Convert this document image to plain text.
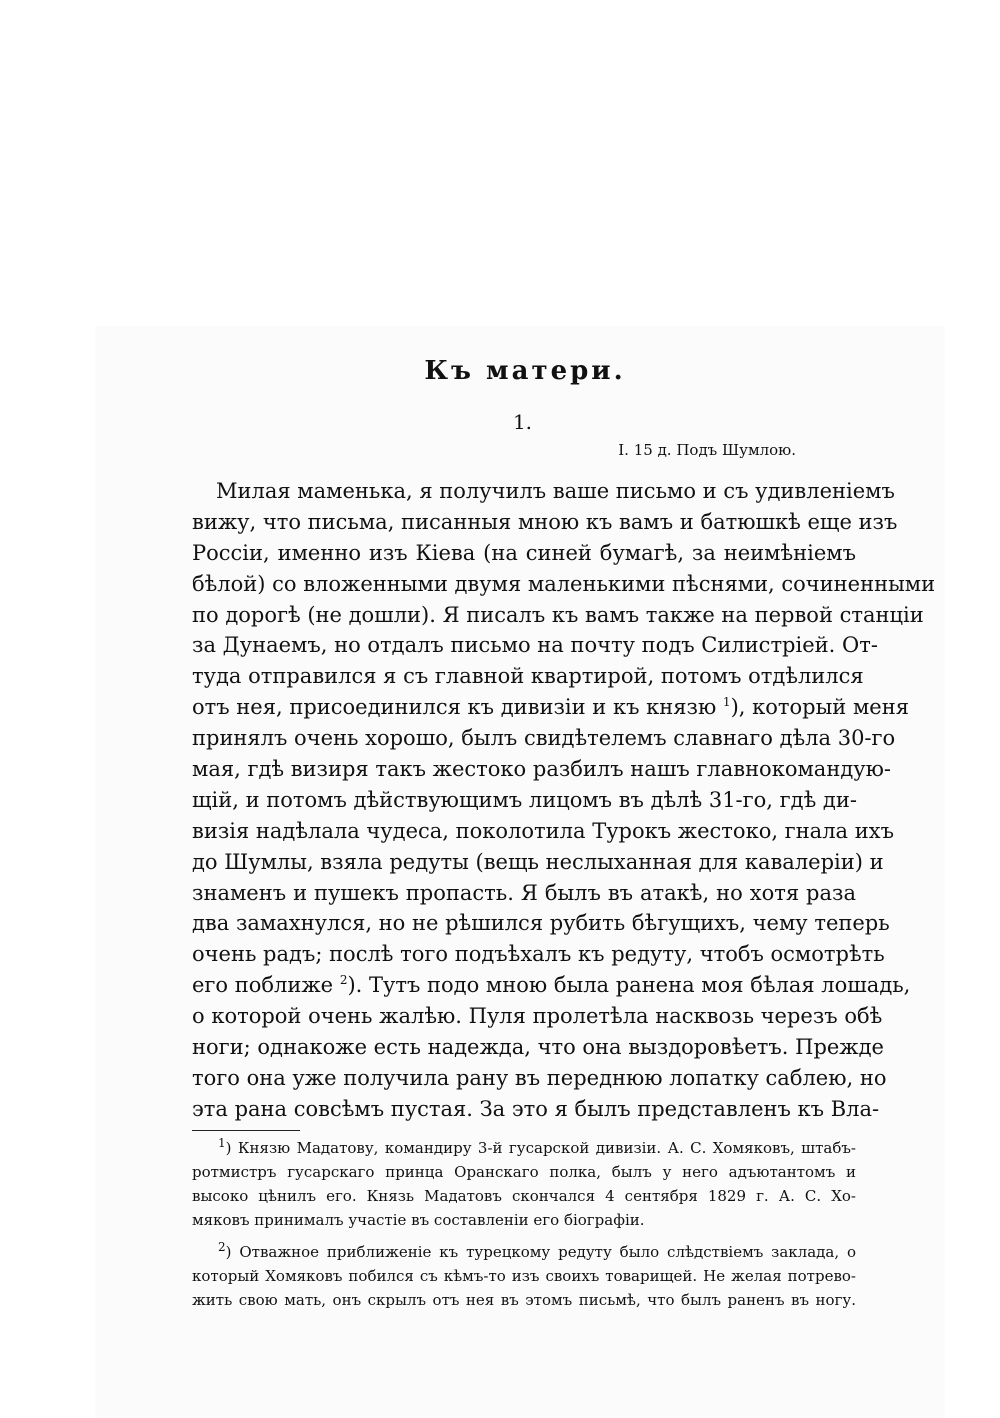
Къ матери.
1.
I. 15 д. Подъ Шумлою.
Милая маменька, я получилъ ваше письмо и съ удивленіемъ
вижу, что письма, писанныя мною къ вамъ и батюшкѣ еще изъ
Россіи, именно изъ Кіева (на синей бумагѣ, за неимѣніемъ
бѣлой) со вложенными двумя маленькими пѣснями, сочиненными
по дорогѣ (не дошли). Я писалъ къ вамъ также на первой станціи
за Дунаемъ, но отдалъ письмо на почту подъ Силистріей. От-
туда отправился я съ главной квартирой, потомъ отдѣлился
отъ нея, присоединился къ дивизіи и къ князю $^1$), который меня
принялъ очень хорошо, былъ свидѣтелемъ славнаго дѣла 30-го
мая, гдѣ визиря такъ жестоко разбилъ нашъ главнокомандую-
щій, и потомъ дѣйствующимъ лицомъ въ дѣлѣ 31-го, гдѣ ди-
визія надѣлала чудеса, поколотила Турокъ жестоко, гнала ихъ
до Шумлы, взяла редуты (вещь неслыханная для кавалеріи) и
знаменъ и пушекъ пропасть. Я былъ въ атакѣ, но хотя раза
два замахнулся, но не рѣшился рубить бѣгущихъ, чему теперь
очень радъ; послѣ того подъѣхалъ къ редуту, чтобъ осмотрѣть
его поближе $^2$). Тутъ подо мною была ранена моя бѣлая лошадь,
о которой очень жалѣю. Пуля пролетѣла насквозь черезъ обѣ
ноги; однакоже есть надежда, что она выздоровѣетъ. Прежде
того она уже получила рану въ переднюю лопатку саблею, но
эта рана совсѣмъ пустая. За это я былъ представленъ къ Вла-
$^1$) Князю Мадатову, командиру 3-й гусарской дивизіи. А. С. Хомяковъ, штабъ-
ротмистръ гусарскаго принца Оранскаго полка, былъ у него адъютантомъ и
высоко цѣнилъ его. Князь Мадатовъ скончался 4 сентября 1829 г. А. С. Хо-
мяковъ принималъ участіе въ составленіи его біографіи.
$^2$) Отважное приближеніе къ турецкому редуту было слѣдствіемъ заклада, о
который Хомяковъ побился съ кѣмъ-то изъ своихъ товарищей. Не желая потрево-
жить свою мать, онъ скрылъ отъ нея въ этомъ письмѣ, что былъ раненъ въ ногу.
